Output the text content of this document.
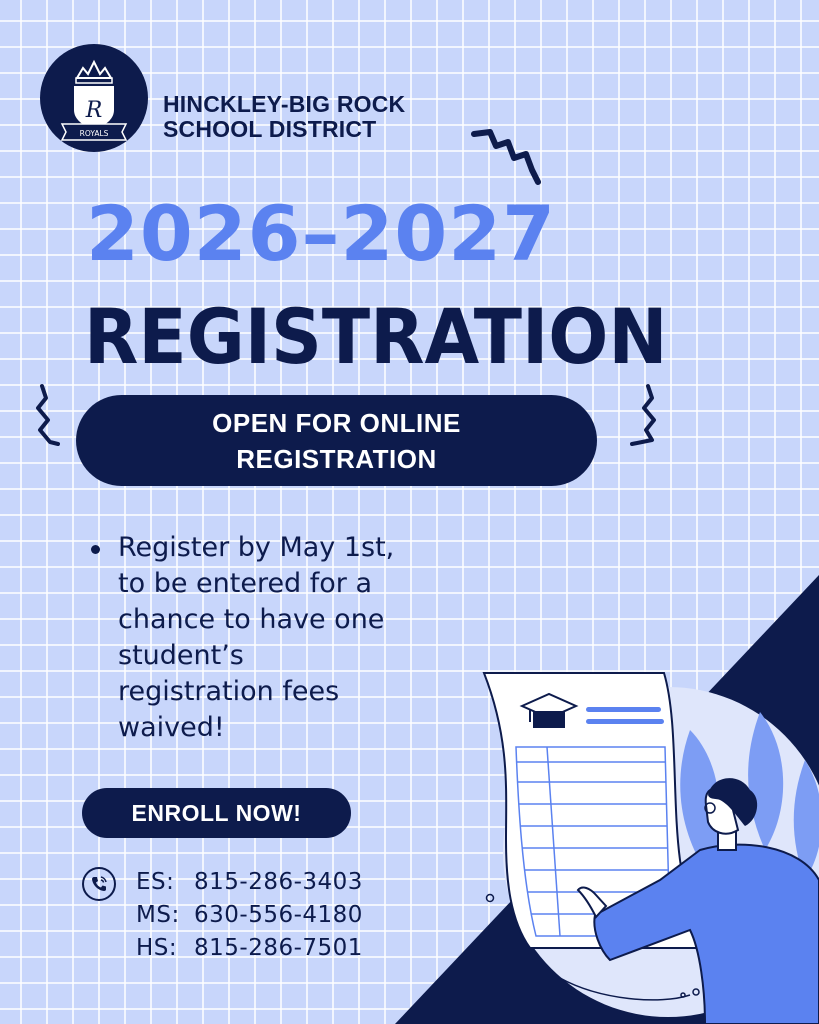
R
ROYALS
HINCKLEY-BIG ROCK
SCHOOL DISTRICT
2026–2027
REGISTRATION
OPEN FOR ONLINE
REGISTRATION
Register by May 1st,
to be entered for a
chance to have one
student’s
registration fees
waived!
ENROLL NOW!
ES: 815-286-3403
MS: 630-556-4180
HS: 815-286-7501
